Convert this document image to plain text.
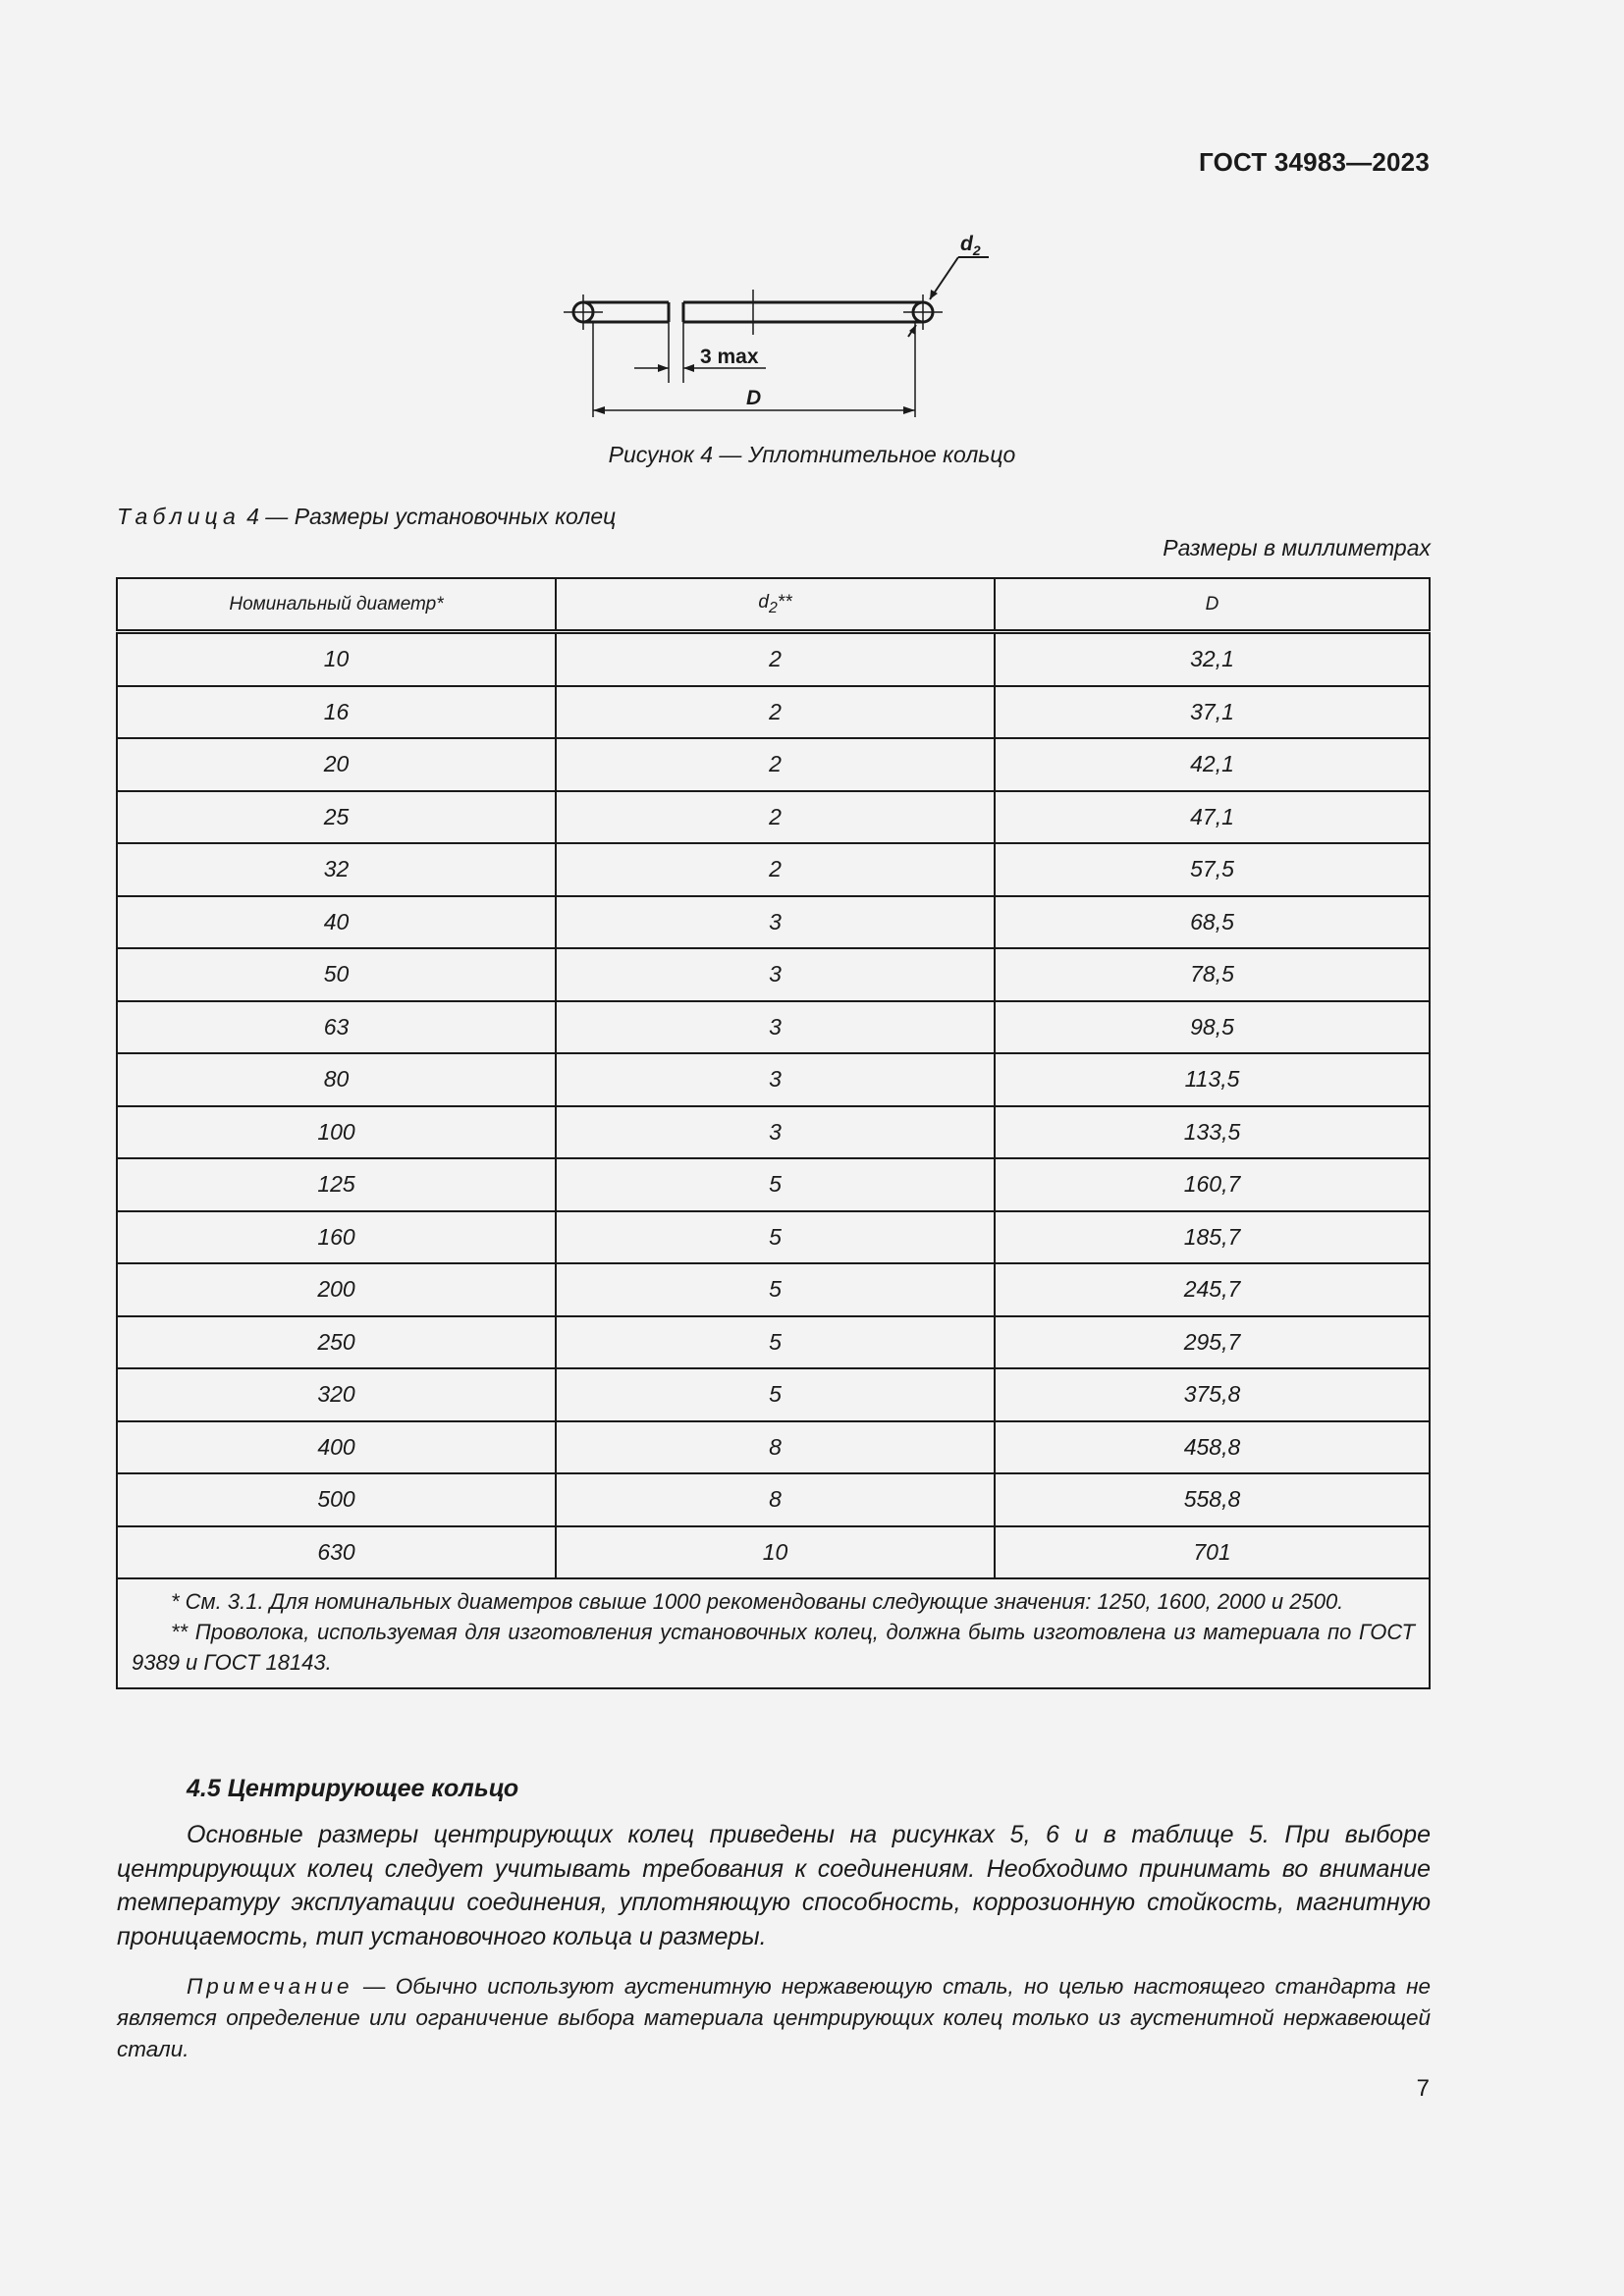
ГОСТ 34983—2023
$d_2$
3 max
D
Рисунок 4 — Уплотнительное кольцо
Таблица 4 — Размеры установочных колец
Размеры в миллиметрах
Номинальный диаметр*	$d_2**$	D
10	2	32,1
16	2	37,1
20	2	42,1
25	2	47,1
32	2	57,5
40	3	68,5
50	3	78,5
63	3	98,5
80	3	113,5
100	3	133,5
125	5	160,7
160	5	185,7
200	5	245,7
250	5	295,7
320	5	375,8
400	8	458,8
500	8	558,8
630	10	701

* См. 3.1. Для номинальных диаметров свыше 1000 рекомендованы следующие значения: 1250, 1600, 2000 и 2500.
** Проволока, используемая для изготовления установочных колец, должна быть изготовлена из материала по ГОСТ 9389 и ГОСТ 18143.		
4.5 Центрирующее кольцо
Основные размеры центрирующих колец приведены на рисунках 5, 6 и в таблице 5. При выборе центрирующих колец следует учитывать требования к соединениям. Необходимо принимать во внимание температуру эксплуатации соединения, уплотняющую способность, коррозионную стойкость, магнитную проницаемость, тип установочного кольца и размеры.
Примечание — Обычно используют аустенитную нержавеющую сталь, но целью настоящего стандарта не является определение или ограничение выбора материала центрирующих колец только из аустенитной нержавеющей стали.
7
